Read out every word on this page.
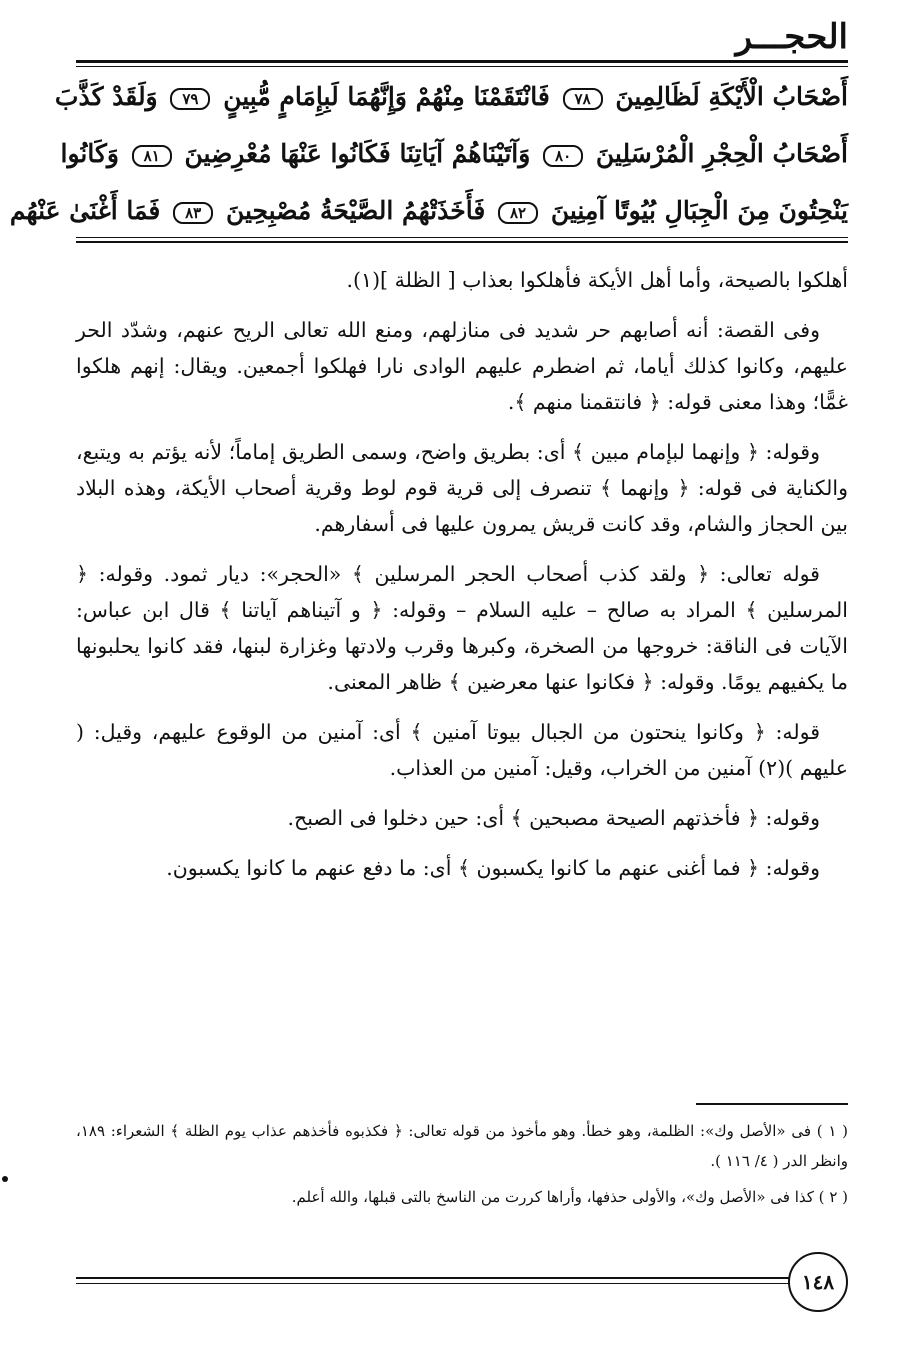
الحجـــر
أَصْحَابُ الْأَيْكَةِ لَظَالِمِينَ ٧٨ فَانْتَقَمْنَا مِنْهُمْ وَإِنَّهُمَا لَبِإِمَامٍ مُّبِينٍ ٧٩ وَلَقَدْ كَذَّبَ
أَصْحَابُ الْحِجْرِ الْمُرْسَلِينَ ٨٠ وَآتَيْنَاهُمْ آيَاتِنَا فَكَانُوا عَنْهَا مُعْرِضِينَ ٨١ وَكَانُوا
يَنْحِتُونَ مِنَ الْجِبَالِ بُيُوتًا آمِنِينَ ٨٢ فَأَخَذَتْهُمُ الصَّيْحَةُ مُصْبِحِينَ ٨٣ فَمَا أَغْنَىٰ عَنْهُم

أهلكوا بالصيحة، وأما أهل الأيكة فأهلكوا بعذاب [ الظلة ](١).

وفى القصة: أنه أصابهم حر شديد فى منازلهم، ومنع الله تعالى الريح عنهم، وشدّد الحر عليهم، وكانوا كذلك أياما، ثم اضطرم عليهم الوادى نارا فهلكوا أجمعين. ويقال: إنهم هلكوا غمًّا؛ وهذا معنى قوله: ﴿ فانتقمنا منهم ﴾.

وقوله: ﴿ وإنهما لبإمام مبين ﴾ أى: بطريق واضح، وسمى الطريق إماماً؛ لأنه يؤتم به ويتبع، والكناية فى قوله: ﴿ وإنهما ﴾ تنصرف إلى قرية قوم لوط وقرية أصحاب الأيكة، وهذه البلاد بين الحجاز والشام، وقد كانت قريش يمرون عليها فى أسفارهم.

قوله تعالى: ﴿ ولقد كذب أصحاب الحجر المرسلين ﴾ «الحجر»: ديار ثمود. وقوله: ﴿ المرسلين ﴾ المراد به صالح – عليه السلام – وقوله: ﴿ و آتيناهم آياتنا ﴾ قال ابن عباس: الآيات فى الناقة: خروجها من الصخرة، وكبرها وقرب ولادتها وغزارة لبنها، فقد كانوا يحلبونها ما يكفيهم يومًا. وقوله: ﴿ فكانوا عنها معرضين ﴾ ظاهر المعنى.

قوله: ﴿ وكانوا ينحتون من الجبال بيوتا آمنين ﴾ أى: آمنين من الوقوع عليهم، وقيل: ( عليهم )(٢) آمنين من الخراب، وقيل: آمنين من العذاب.

وقوله: ﴿ فأخذتهم الصيحة مصبحين ﴾ أى: حين دخلوا فى الصبح.

وقوله: ﴿ فما أغنى عنهم ما كانوا يكسبون ﴾ أى: ما دفع عنهم ما كانوا يكسبون.

( ١ ) فى «الأصل وك»: الظلمة، وهو خطأ. وهو مأخوذ من قوله تعالى: ﴿ فكذبوه فأخذهم عذاب يوم الظلة ﴾ الشعراء: ١٨٩، وانظر الدر ( ٤/ ١١٦ ).

( ٢ ) كذا فى «الأصل وك»، والأولى حذفها، وأراها كررت من الناسخ بالتى قبلها، والله أعلم.

١٤٨
